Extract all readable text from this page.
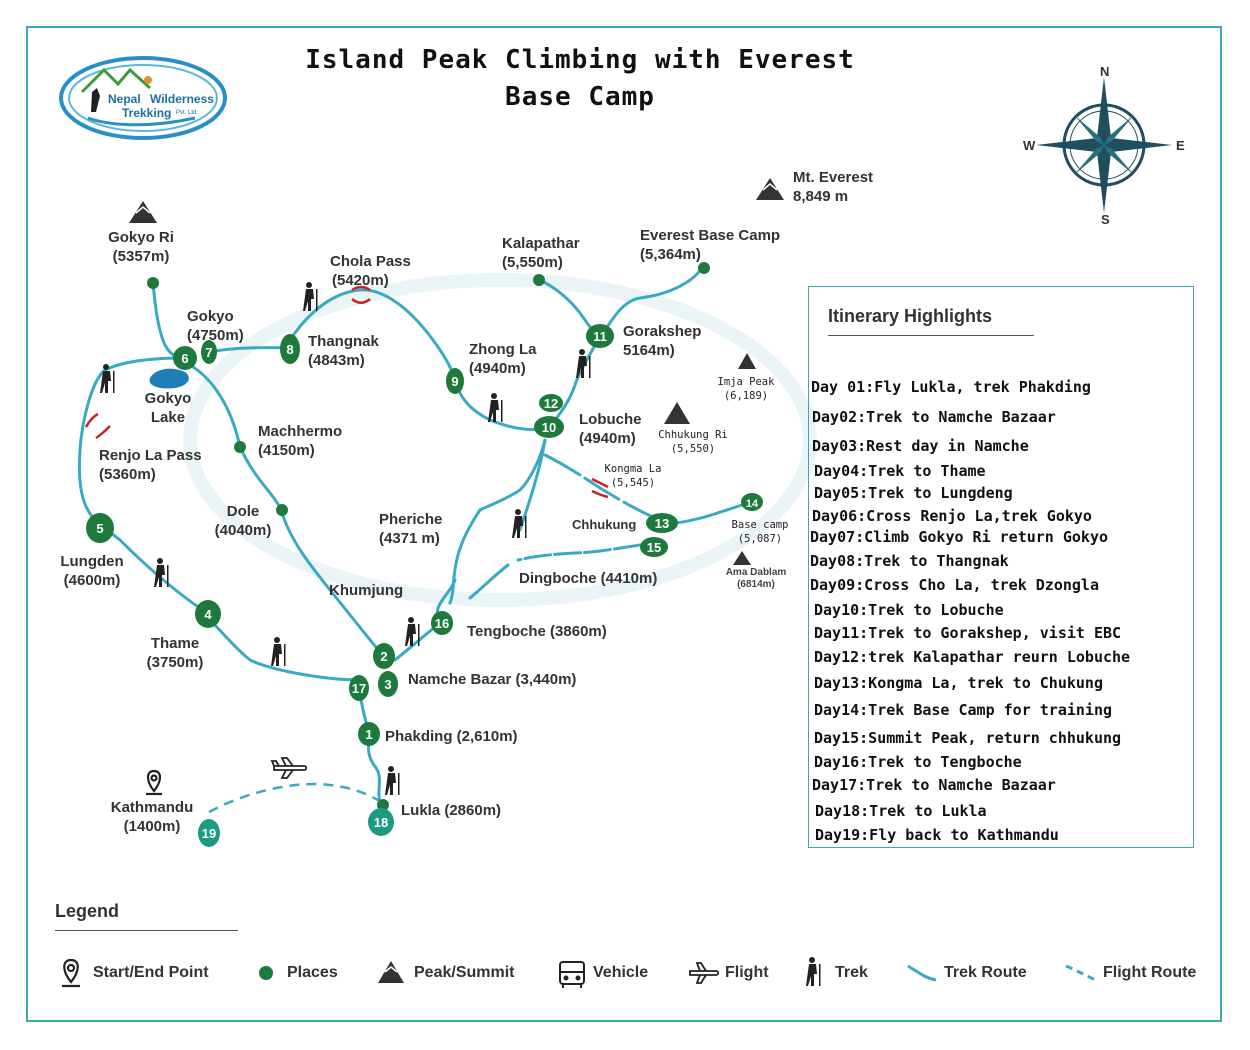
1
2
3
4
5
6 7	8
9
10
11
12
13
14
15
16
17
18
19
Island Peak Climbing with Everest
Base Camp
Nepal Wilderness
Trekking Pvt. Ltd.
N
S
E
W
Mt. Everest
8,849 m
Gokyo Ri
(5357m)	Chola Pass
(5420m)
Kalapathar
(5,550m)
Everest Base Camp
(5,364m)
Gokyo
(4750m)	Thangnak
(4843m)
Zhong La
(4940m)
Gorakshep
5164m)
Gokyo
Lake	Lobuche
(4940m)
Machhermo
(4150m)
Renjo La Pass
(5360m)
Dole
(4040m)
Pheriche
(4371 m)
Lungden
(4600m)	Dingboche (4410m)
Khumjung
Thame
(3750m)
Tengboche (3860m)
Namche Bazar (3,440m)
Phakding (2,610m)
Kathmandu
(1400m)
Lukla (2860m)
Chhukung
Imja Peak
(6,189)
Chhukung Ri
(5,550)
Kongma La
(5,545)
Base camp
(5,087)
Ama Dablam
(6814m)
Itinerary Highlights
Day 01:Fly Lukla, trek Phakding
Day02:Trek to Namche Bazaar
Day03:Rest day in Namche
Day04:Trek to Thame
Day05:Trek to Lungdeng
Day06:Cross Renjo La,trek Gokyo
Day07:Climb Gokyo Ri return Gokyo
Day08:Trek to Thangnak
Day09:Cross Cho La, trek Dzongla
Day10:Trek to Lobuche
Day11:Trek to Gorakshep, visit EBC
Day12:trek Kalapathar reurn Lobuche
Day13:Kongma La, trek to Chukung
Day14:Trek Base Camp for training
Day15:Summit Peak, return chhukung
Day16:Trek to Tengboche
Day17:Trek to Namche Bazaar
Day18:Trek to Lukla
Day19:Fly back to Kathmandu
Legend
Start/End Point	Places	Peak/Summit	Vehicle	Flight	Trek	Trek Route	Flight Route
